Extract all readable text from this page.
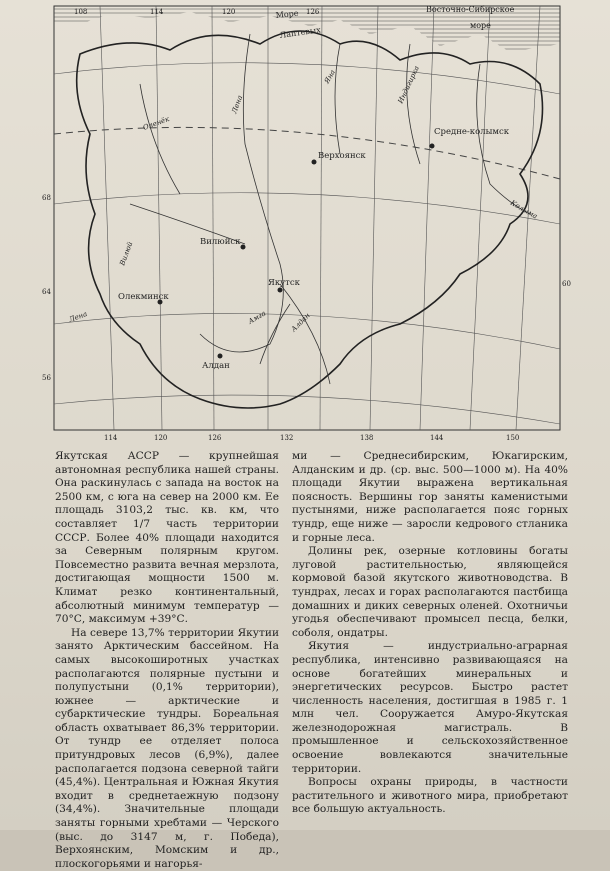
Море
Лаптевых
Восточно-Сибирское
море
Верхоянск
Средне-колымск
Вилюйск
Якутск
Олекминск
Алдан
Лена
Яна	Индигирка
Колыма
Оленёк
Вилюй
Лена	Алдан
Амга
68
64
60
56
114	120	126	132	138	144	150
108	114	120	126

Якутская АССР — крупнейшая автономная республика нашей страны. Она раскинулась с запада на восток на 2500 км, с юга на север на 2000 км. Ее площадь 3103,2 тыс. кв. км, что составляет 1/7 часть территории СССР. Более 40% площади находится за Северным полярным кругом. Повсеместно развита вечная мерзлота, достигающая мощности 1500 м. Климат резко континентальный, абсолютный минимум температур —70°С, максимум +39°С.

На севере 13,7% территории Якутии занято Арктическим бассейном. На самых высокоширотных участках располагаются полярные пустыни и полупустыни (0,1% территории), южнее — арктические и субарктические тундры. Бореальная область охватывает 86,3% территории. От тундр ее отделяет полоса притундровых лесов (6,9%), далее располагается подзона северной тайги (45,4%). Центральная и Южная Якутия входит в среднетаежную подзону (34,4%). Значительные площади заняты горными хребтами — Черского (выс. до 3147 м, г. Победа), Верхоянским, Момским и др., плоскогорьями и нагорья-

ми — Среднесибирским, Юкагирским, Алданским и др. (ср. выс. 500—1000 м). На 40% площади Якутии выражена вертикальная поясность. Вершины гор заняты каменистыми пустынями, ниже располагается пояс горных тундр, еще ниже — заросли кедрового стланика и горные леса.

Долины рек, озерные котловины богаты луговой растительностью, являющейся кормовой базой якутского животноводства. В тундрах, лесах и горах располагаются пастбища домашних и диких северных оленей. Охотничьи угодья обеспечивают промысел песца, белки, соболя, ондатры.

Якутия — индустриально-аграрная республика, интенсивно развивающаяся на основе богатейших минеральных и энергетических ресурсов. Быстро растет численность населения, достигшая в 1985 г. 1 млн чел. Сооружается Амуро-Якутская железнодорожная магистраль. В промышленное и сельскохозяйственное освоение вовлекаются значительные территории.

Вопросы охраны природы, в частности растительного и животного мира, приобретают все большую актуальность.
